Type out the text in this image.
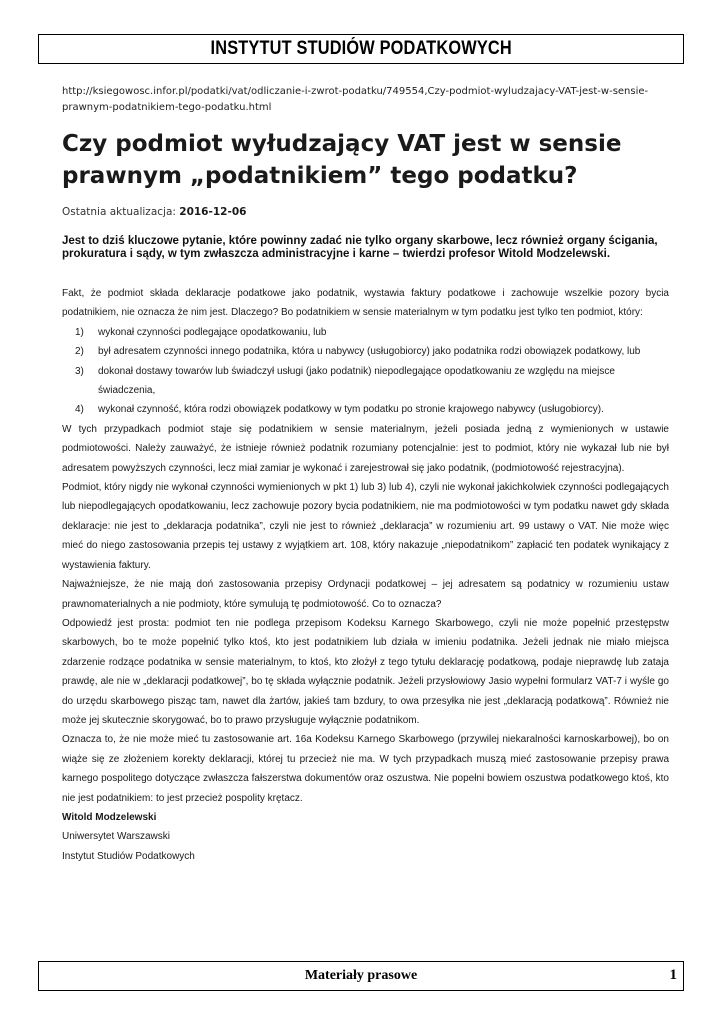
INSTYTUT STUDIÓW PODATKOWYCH
http://ksiegowosc.infor.pl/podatki/vat/odliczanie-i-zwrot-podatku/749554,Czy-podmiot-wyludzajacy-VAT-jest-w-sensie-prawnym-podatnikiem-tego-podatku.html
Czy podmiot wyłudzający VAT jest w sensie prawnym „podatnikiem” tego podatku?
Ostatnia aktualizacja: 2016-12-06
Jest to dziś kluczowe pytanie, które powinny zadać nie tylko organy skarbowe, lecz również organy ścigania, prokuratura i sądy, w tym zwłaszcza administracyjne i karne – twierdzi profesor Witold Modzelewski.

Fakt, że podmiot składa deklaracje podatkowe jako podatnik, wystawia faktury podatkowe i zachowuje wszelkie pozory bycia podatnikiem, nie oznacza że nim jest. Dlaczego? Bo podatnikiem w sensie materialnym w tym podatku jest tylko ten podmiot, który:

1) wykonał czynności podlegające opodatkowaniu, lub
2) był adresatem czynności innego podatnika, która u nabywcy (usługobiorcy) jako podatnika rodzi obowiązek podatkowy, lub
3) dokonał dostawy towarów lub świadczył usługi (jako podatnik) niepodlegające opodatkowaniu ze względu na miejsce świadczenia,
4) wykonał czynność, która rodzi obowiązek podatkowy w tym podatku po stronie krajowego nabywcy (usługobiorcy).

W tych przypadkach podmiot staje się podatnikiem w sensie materialnym, jeżeli posiada jedną z wymienionych w ustawie podmiotowości. Należy zauważyć, że istnieje również podatnik rozumiany potencjalnie: jest to podmiot, który nie wykazał lub nie był adresatem powyższych czynności, lecz miał zamiar je wykonać i zarejestrował się jako podatnik, (podmiotowość rejestracyjna).

Podmiot, który nigdy nie wykonał czynności wymienionych w pkt 1) lub 3) lub 4), czyli nie wykonał jakichkolwiek czynności podlegających lub niepodlegających opodatkowaniu, lecz zachowuje pozory bycia podatnikiem, nie ma podmiotowości w tym podatku nawet gdy składa deklaracje: nie jest to „deklaracja podatnika”, czyli nie jest to również „deklaracja” w rozumieniu art. 99 ustawy o VAT. Nie może więc mieć do niego zastosowania przepis tej ustawy z wyjątkiem art. 108, który nakazuje „niepodatnikom” zapłacić ten podatek wynikający z wystawienia faktury.

Najważniejsze, że nie mają doń zastosowania przepisy Ordynacji podatkowej – jej adresatem są podatnicy w rozumieniu ustaw prawnomaterialnych a nie podmioty, które symulują tę podmiotowość. Co to oznacza?

Odpowiedź jest prosta: podmiot ten nie podlega przepisom Kodeksu Karnego Skarbowego, czyli nie może popełnić przestępstw skarbowych, bo te może popełnić tylko ktoś, kto jest podatnikiem lub działa w imieniu podatnika. Jeżeli jednak nie miało miejsca zdarzenie rodzące podatnika w sensie materialnym, to ktoś, kto złożył z tego tytułu deklarację podatkową, podaje nieprawdę lub zataja prawdę, ale nie w „deklaracji podatkowej”, bo tę składa wyłącznie podatnik. Jeżeli przysłowiowy Jasio wypełni formularz VAT-7 i wyśle go do urzędu skarbowego pisząc tam, nawet dla żartów, jakieś tam bzdury, to owa przesyłka nie jest „deklaracją podatkową”. Również nie może jej skutecznie skorygować, bo to prawo przysługuje wyłącznie podatnikom.

Oznacza to, że nie może mieć tu zastosowanie art. 16a Kodeksu Karnego Skarbowego (przywilej niekaralności karnoskarbowej), bo on wiąże się ze złożeniem korekty deklaracji, której tu przecież nie ma. W tych przypadkach muszą mieć zastosowanie przepisy prawa karnego pospolitego dotyczące zwłaszcza fałszerstwa dokumentów oraz oszustwa. Nie popełni bowiem oszustwa podatkowego ktoś, kto nie jest podatnikiem: to jest przecież pospolity krętacz.

Witold Modzelewski

Uniwersytet Warszawski

Instytut Studiów Podatkowych

Materiały prasowe	1
